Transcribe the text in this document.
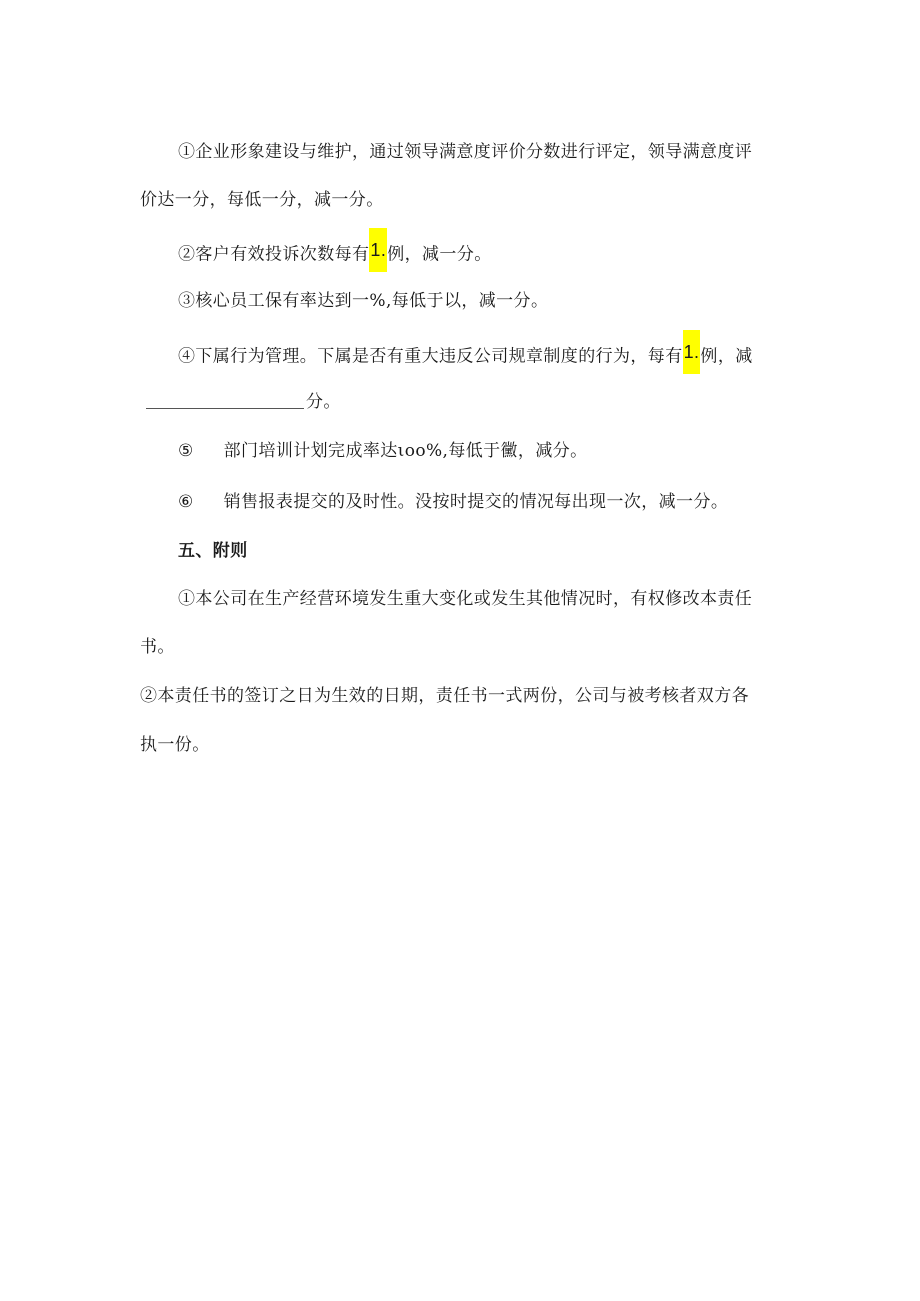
①企业形象建设与维护，通过领导满意度评价分数进行评定，领导满意度评
价达一分，每低一分，减一分。
②客户有效投诉次数每有1.例，减一分。
③核心员工保有率达到一%,每低于以，减一分。
④下属行为管理。下属是否有重大违反公司规章制度的行为，每有1.例，减
分。
⑤ 部门培训计划完成率达ιoo%,每低于黴，减分。
⑥ 销售报表提交的及时性。没按时提交的情况每出现一次，减一分。
五、附则
①本公司在生产经营环境发生重大变化或发生其他情况时，有权修改本责任
书。
②本责任书的签订之日为生效的日期，责任书一式两份，公司与被考核者双方各
执一份。
